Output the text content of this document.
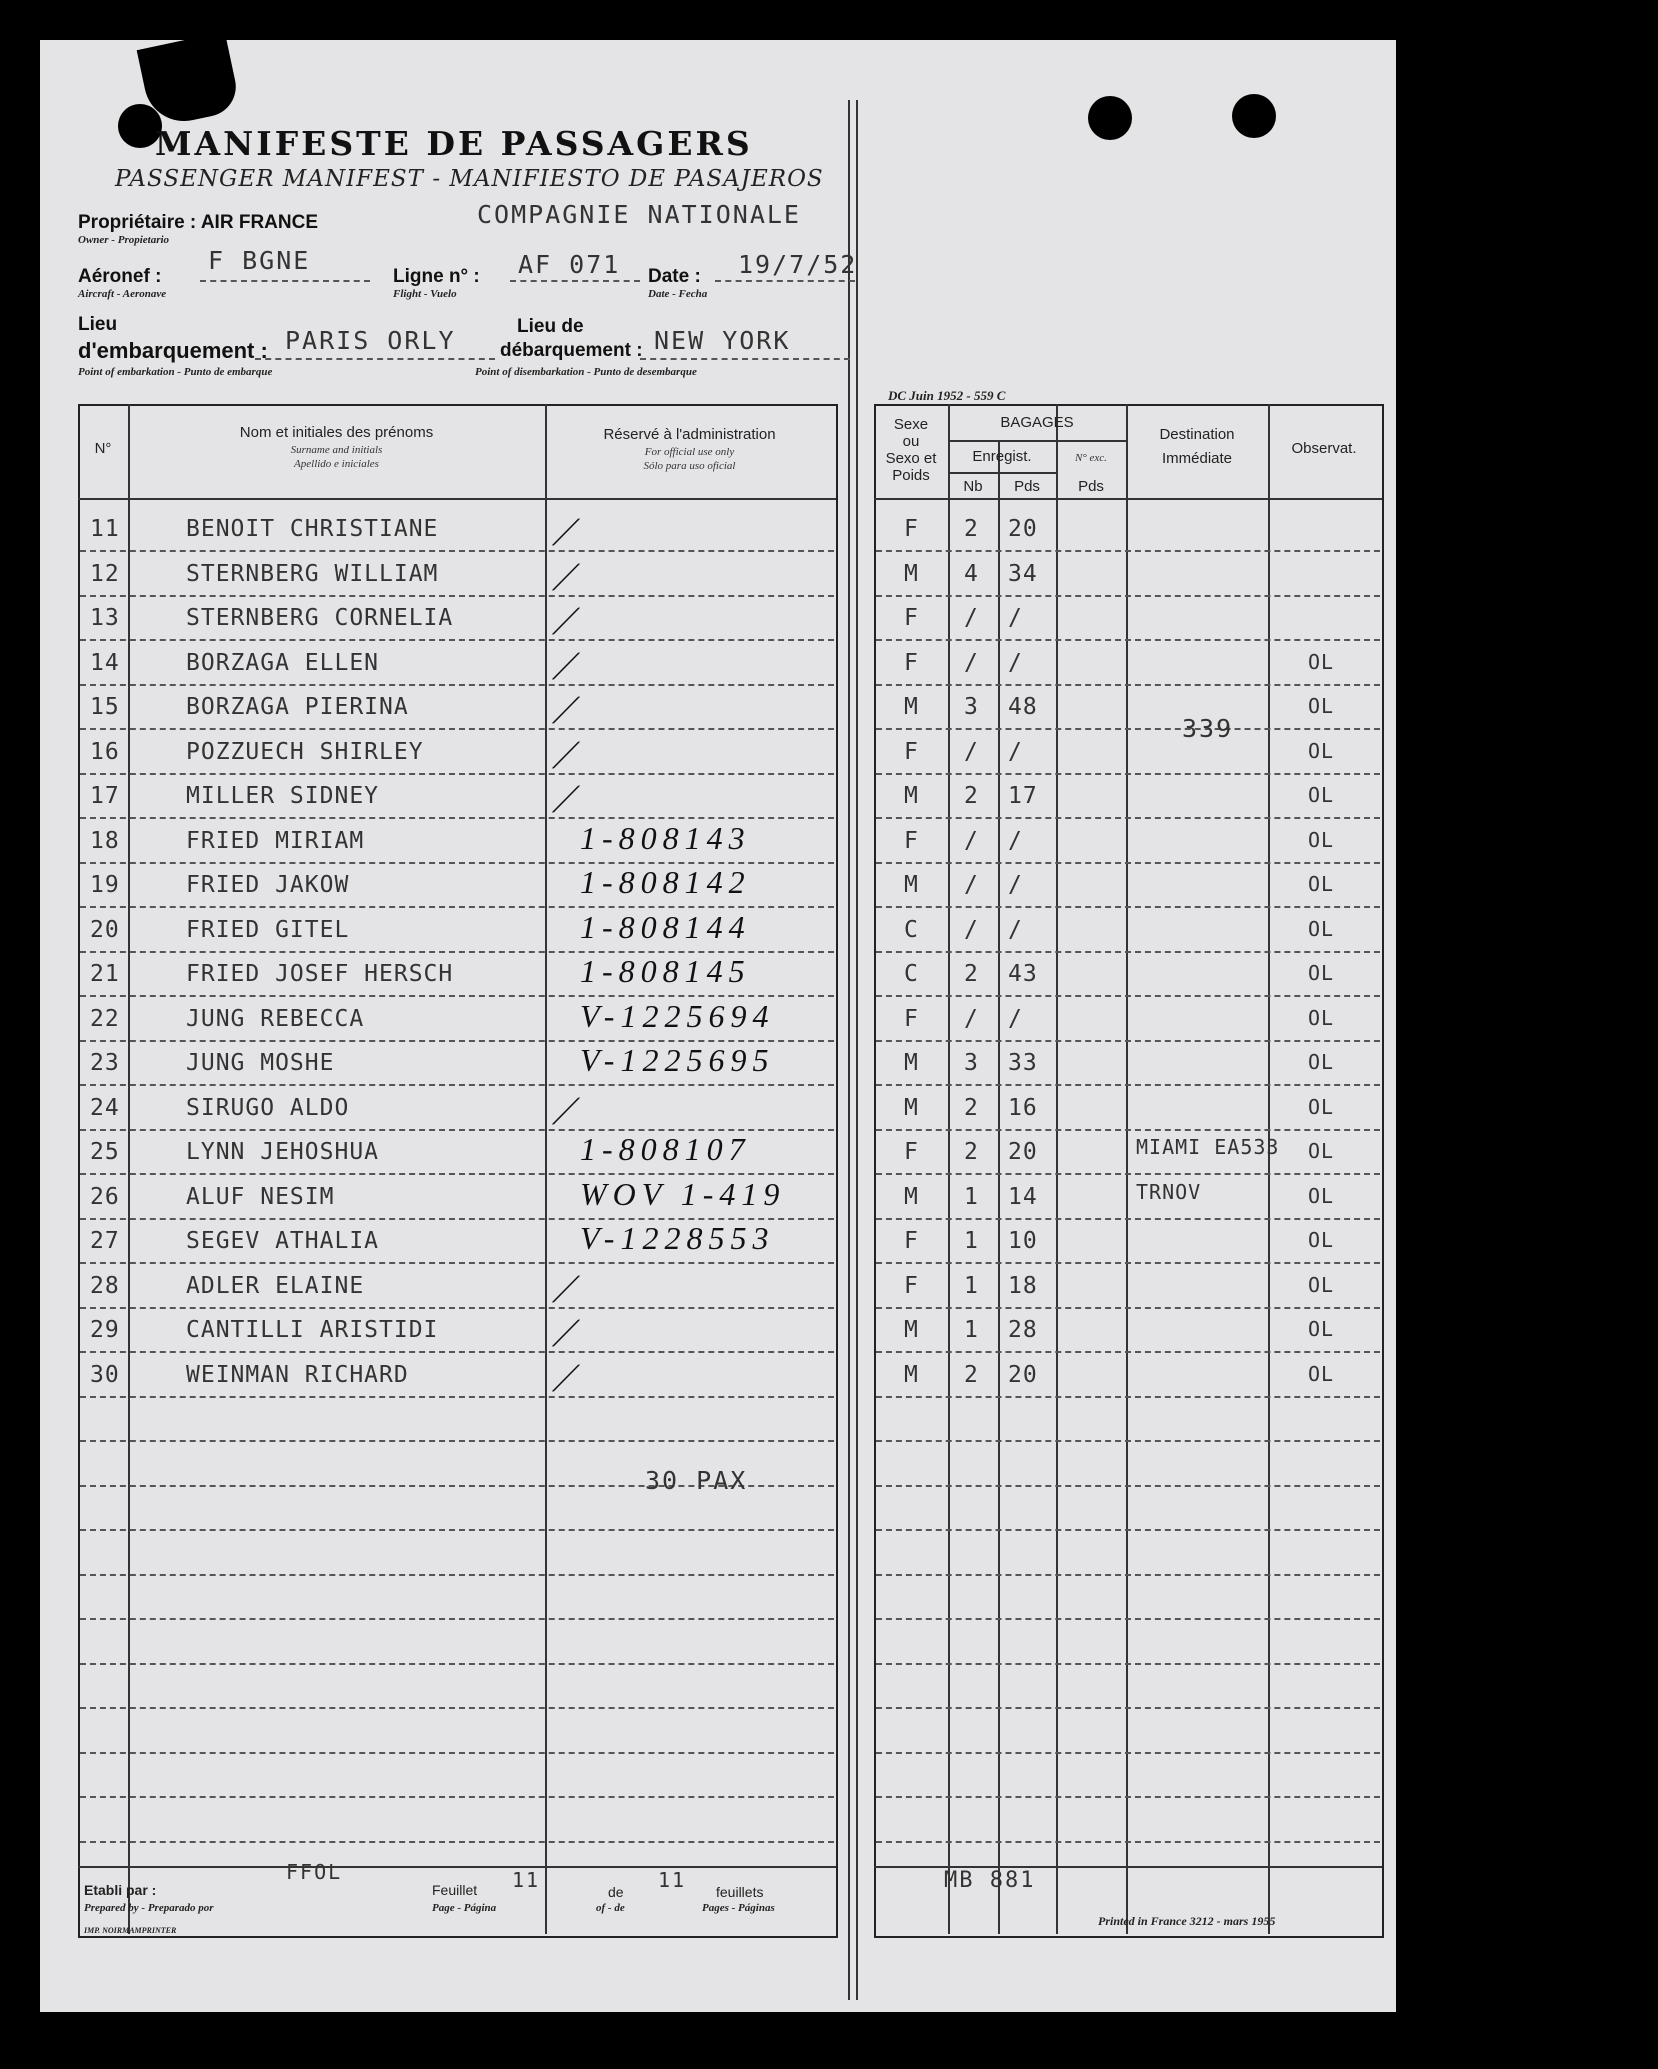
MANIFESTE DE PASSAGERS
PASSENGER MANIFEST - MANIFIESTO DE PASAJEROS
Propriétaire : AIR FRANCE
Owner - Propietario
COMPAGNIE NATIONALE
Aéronef :
Aircraft - Aeronave
F BGNE
Ligne n° :
Flight - Vuelo
AF 071 Date :
Date - Fecha
19/7/52
Lieu
d'embarquement :
Point of embarkation - Punto de embarque
PARIS ORLY	Lieu de
débarquement :
Point of disembarkation - Punto de desembarque
NEW YORK
DC Juin 1952 - 559 C
N°
Nom et initiales des prénoms
Surname and initials
Apellido e iniciales
Réservé à l'administration
For official use only
Sólo para uso oficial
Sexe
ou
Sexo et
Poids
BAGAGES
Enregist.	N° exc.
Nb	Pds	Pds
Destination
Immédiate
Observat.
11	BENOIT CHRISTIANE	/	F 2 20
12	STERNBERG WILLIAM	/	M 4 34
13	STERNBERG CORNELIA /	F / /
14	BORZAGA ELLEN	/	F / /	OL
15	BORZAGA PIERINA	/	M 3 48	OL
16	POZZUECH SHIRLEY	/	F / /	OL
17	MILLER SIDNEY	/	M 2 17	OL
18	FRIED MIRIAM	1-808143	F / /	OL
19	FRIED JAKOW	1-808142	M / /	OL
20	FRIED GITEL	1-808144	C / /	OL
21	FRIED JOSEF HERSCH	1-808145	C 2 43	OL
22	JUNG REBECCA	V-1225694	F / /	OL
23	JUNG MOSHE	V-1225695	M 3 33	OL
24	SIRUGO ALDO	/	M 2 16	OL
25	LYNN JEHOSHUA	1-808107	F 2 20	MIAMI EA533 OL
26	ALUF NESIM	WOV 1-419	M 1 14	TRNOV	OL
27	SEGEV ATHALIA	V-1228553	F 1 10	OL
28	ADLER ELAINE	/	F 1 18	OL
29	CANTILLI ARISTIDI	/	M 1 28	OL
30	WEINMAN RICHARD	/	M 2 20	OL
30 PAX
339
Etabli par :
Prepared by - Preparado por
FFOL
Feuillet
Page - Página
11	de
of - de
11 feuillets
Pages - Páginas
IMP. NOIRMAMPRINTER
MB 881
Printed in France 3212 - mars 1955
